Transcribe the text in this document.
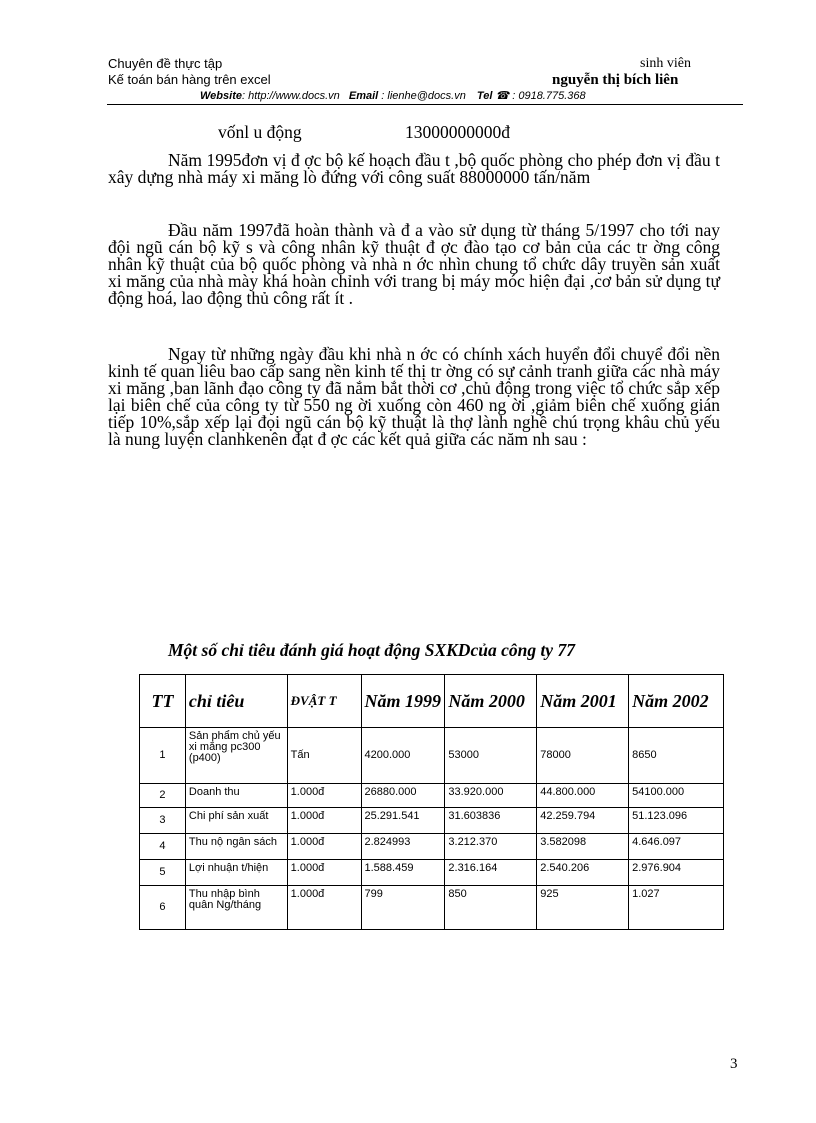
Chuyên đề thực tập
Kế toán bán hàng trên excel
sinh viên
nguyễn thị bích liên
Website: http://www.docs.vn Email : lienhe@docs.vn Tel ☎ : 0918.775.368
vốnl u động	13000000000đ

Năm 1995đơn vị đ ợc bộ kế hoạch đầu t ,bộ quốc phòng cho phép đơn vị đầu t xây dựng nhà máy xi măng lò đứng với công suất 88000000 tấn/năm

Đầu năm 1997đã hoàn thành và đ a vào sử dụng từ tháng 5/1997 cho tới nay đội ngũ cán bộ kỹ s và công nhân kỹ thuật đ ợc đào tạo cơ bản của các tr ờng công nhân kỹ thuật của bộ quốc phòng và nhà n ớc nhìn chung tổ chức dây truyền sản xuất xi măng của nhà mày khá hoàn chỉnh với trang bị máy móc hiện đại ,cơ bản sử dụng tự động hoá, lao động thủ công rất ít .

Ngay từ những ngày đầu khi nhà n ớc có chính xách huyển đổi chuyể đổi nền kinh tế quan liêu bao cấp sang nền kinh tế thị tr ờng có sự cảnh tranh giữa các nhà máy xi măng ,ban lãnh đạo công ty đã nắm bắt thời cơ ,chủ động trong việc tổ chức sắp xếp lại biên chế của công ty từ 550 ng ời xuống còn 460 ng ời ,giảm biên chế xuống gián tiếp 10%,sắp xếp lại đọi ngũ cán bộ kỹ thuật là thợ lành nghề chú trọng khâu chủ yếu là nung luyện clanhkenên đạt đ ợc các kết quả giữa các năm nh sau :

Một số chỉ tiêu đánh giá hoạt động SXKDcủa công ty 77
TT	chỉ tiêu	ĐVẬT T	Năm 1999	Năm 2000	Năm 2001	Năm 2002
1	Sản phẩm chủ yếu xi măng pc300 (p400)	Tấn	4200.000	53000	78000	8650
2	Doanh thu	1.000đ	26880.000	33.920.000	44.800.000	54100.000
3	Chi phí sản xuất	1.000đ	25.291.541	31.603836	42.259.794	51.123.096
4	Thu nộ ngân sách	1.000đ	2.824993	3.212.370	3.582098	4.646.097
5	Lợi nhuận t/hiện	1.000đ	1.588.459	2.316.164	2.540.206	2.976.904
6	Thu nhập bình quân Ng/tháng	1.000đ	799	850	925	1.027
3
